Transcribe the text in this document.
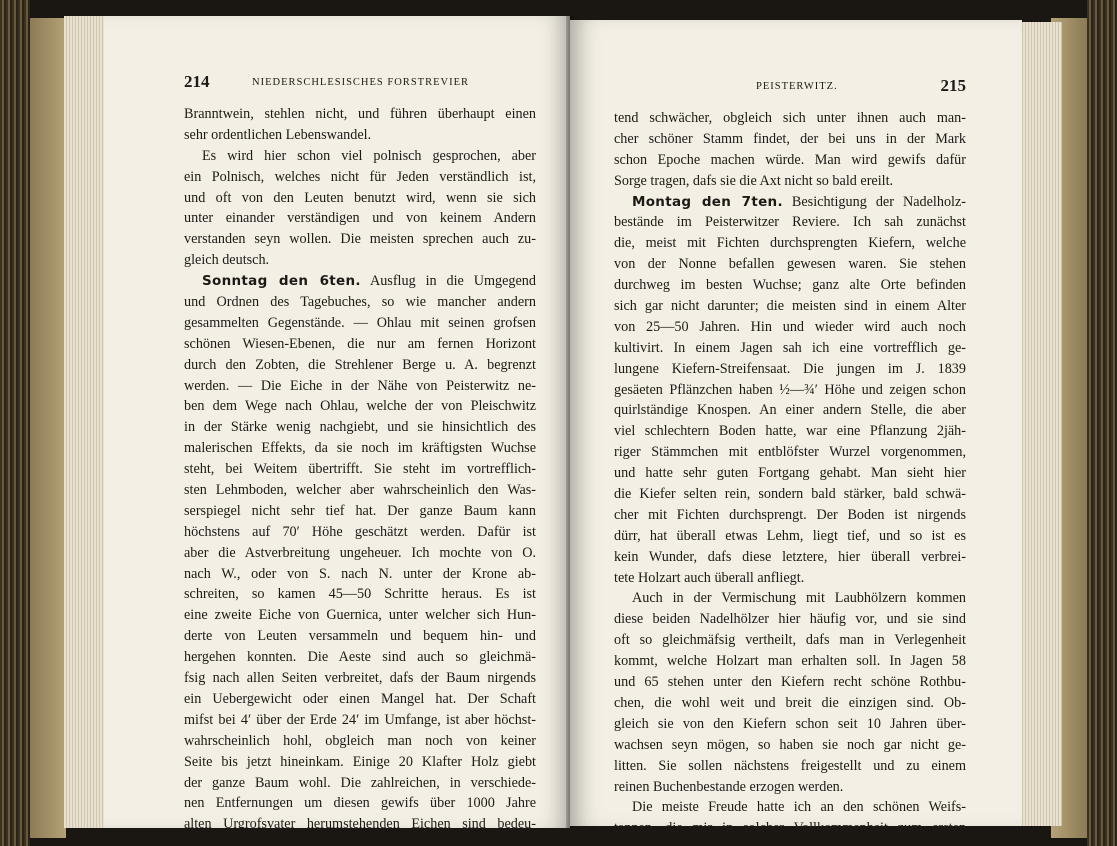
214	NIEDERSCHLESISCHES FORSTREVIER
Branntwein, stehlen nicht, und führen überhaupt einen
sehr ordentlichen Lebenswandel.
Es wird hier schon viel polnisch gesprochen, aber
ein Polnisch, welches nicht für Jeden verständlich ist,
und oft von den Leuten benutzt wird, wenn sie sich
unter einander verständigen und von keinem Andern
verstanden seyn wollen. Die meisten sprechen auch zu-
gleich deutsch.
Sonntag den 6ten. Ausflug in die Umgegend
und Ordnen des Tagebuches, so wie mancher andern
gesammelten Gegenstände. — Ohlau mit seinen grofsen
schönen Wiesen-Ebenen, die nur am fernen Horizont
durch den Zobten, die Strehlener Berge u. A. begrenzt
werden. — Die Eiche in der Nähe von Peisterwitz ne-
ben dem Wege nach Ohlau, welche der von Pleischwitz
in der Stärke wenig nachgiebt, und sie hinsichtlich des
malerischen Effekts, da sie noch im kräftigsten Wuchse
steht, bei Weitem übertrifft. Sie steht im vortrefflich-
sten Lehmboden, welcher aber wahrscheinlich den Was-
serspiegel nicht sehr tief hat. Der ganze Baum kann
höchstens auf 70′ Höhe geschätzt werden. Dafür ist
aber die Astverbreitung ungeheuer. Ich mochte von O.
nach W., oder von S. nach N. unter der Krone ab-
schreiten, so kamen 45—50 Schritte heraus. Es ist
eine zweite Eiche von Guernica, unter welcher sich Hun-
derte von Leuten versammeln und bequem hin- und
hergehen konnten. Die Aeste sind auch so gleichmä-
fsig nach allen Seiten verbreitet, dafs der Baum nirgends
ein Uebergewicht oder einen Mangel hat. Der Schaft
mifst bei 4′ über der Erde 24′ im Umfange, ist aber höchst-
wahrscheinlich hohl, obgleich man noch von keiner
Seite bis jetzt hineinkam. Einige 20 Klafter Holz giebt
der ganze Baum wohl. Die zahlreichen, in verschiede-
nen Entfernungen um diesen gewifs über 1000 Jahre
alten Urgrofsvater herumstehenden Eichen sind bedeu-
PEISTERWITZ.	215
tend schwächer, obgleich sich unter ihnen auch man-
cher schöner Stamm findet, der bei uns in der Mark
schon Epoche machen würde. Man wird gewifs dafür
Sorge tragen, dafs sie die Axt nicht so bald ereilt.
Montag den 7ten. Besichtigung der Nadelholz-
bestände im Peisterwitzer Reviere. Ich sah zunächst
die, meist mit Fichten durchsprengten Kiefern, welche
von der Nonne befallen gewesen waren. Sie stehen
durchweg im besten Wuchse; ganz alte Orte befinden
sich gar nicht darunter; die meisten sind in einem Alter
von 25—50 Jahren. Hin und wieder wird auch noch
kultivirt. In einem Jagen sah ich eine vortrefflich ge-
lungene Kiefern-Streifensaat. Die jungen im J. 1839
gesäeten Pflänzchen haben ½—¾′ Höhe und zeigen schon
quirlständige Knospen. An einer andern Stelle, die aber
viel schlechtern Boden hatte, war eine Pflanzung 2jäh-
riger Stämmchen mit entblöfster Wurzel vorgenommen,
und hatte sehr guten Fortgang gehabt. Man sieht hier
die Kiefer selten rein, sondern bald stärker, bald schwä-
cher mit Fichten durchsprengt. Der Boden ist nirgends
dürr, hat überall etwas Lehm, liegt tief, und so ist es
kein Wunder, dafs diese letztere, hier überall verbrei-
tete Holzart auch überall anfliegt.
Auch in der Vermischung mit Laubhölzern kommen
diese beiden Nadelhölzer hier häufig vor, und sie sind
oft so gleichmäfsig vertheilt, dafs man in Verlegenheit
kommt, welche Holzart man erhalten soll. In Jagen 58
und 65 stehen unter den Kiefern recht schöne Rothbu-
chen, die wohl weit und breit die einzigen sind. Ob-
gleich sie von den Kiefern schon seit 10 Jahren über-
wachsen seyn mögen, so haben sie noch gar nicht ge-
litten. Sie sollen nächstens freigestellt und zu einem
reinen Buchenbestande erzogen werden.
Die meiste Freude hatte ich an den schönen Weifs-
tannen, die mir in solcher Vollkommenheit zum ersten
